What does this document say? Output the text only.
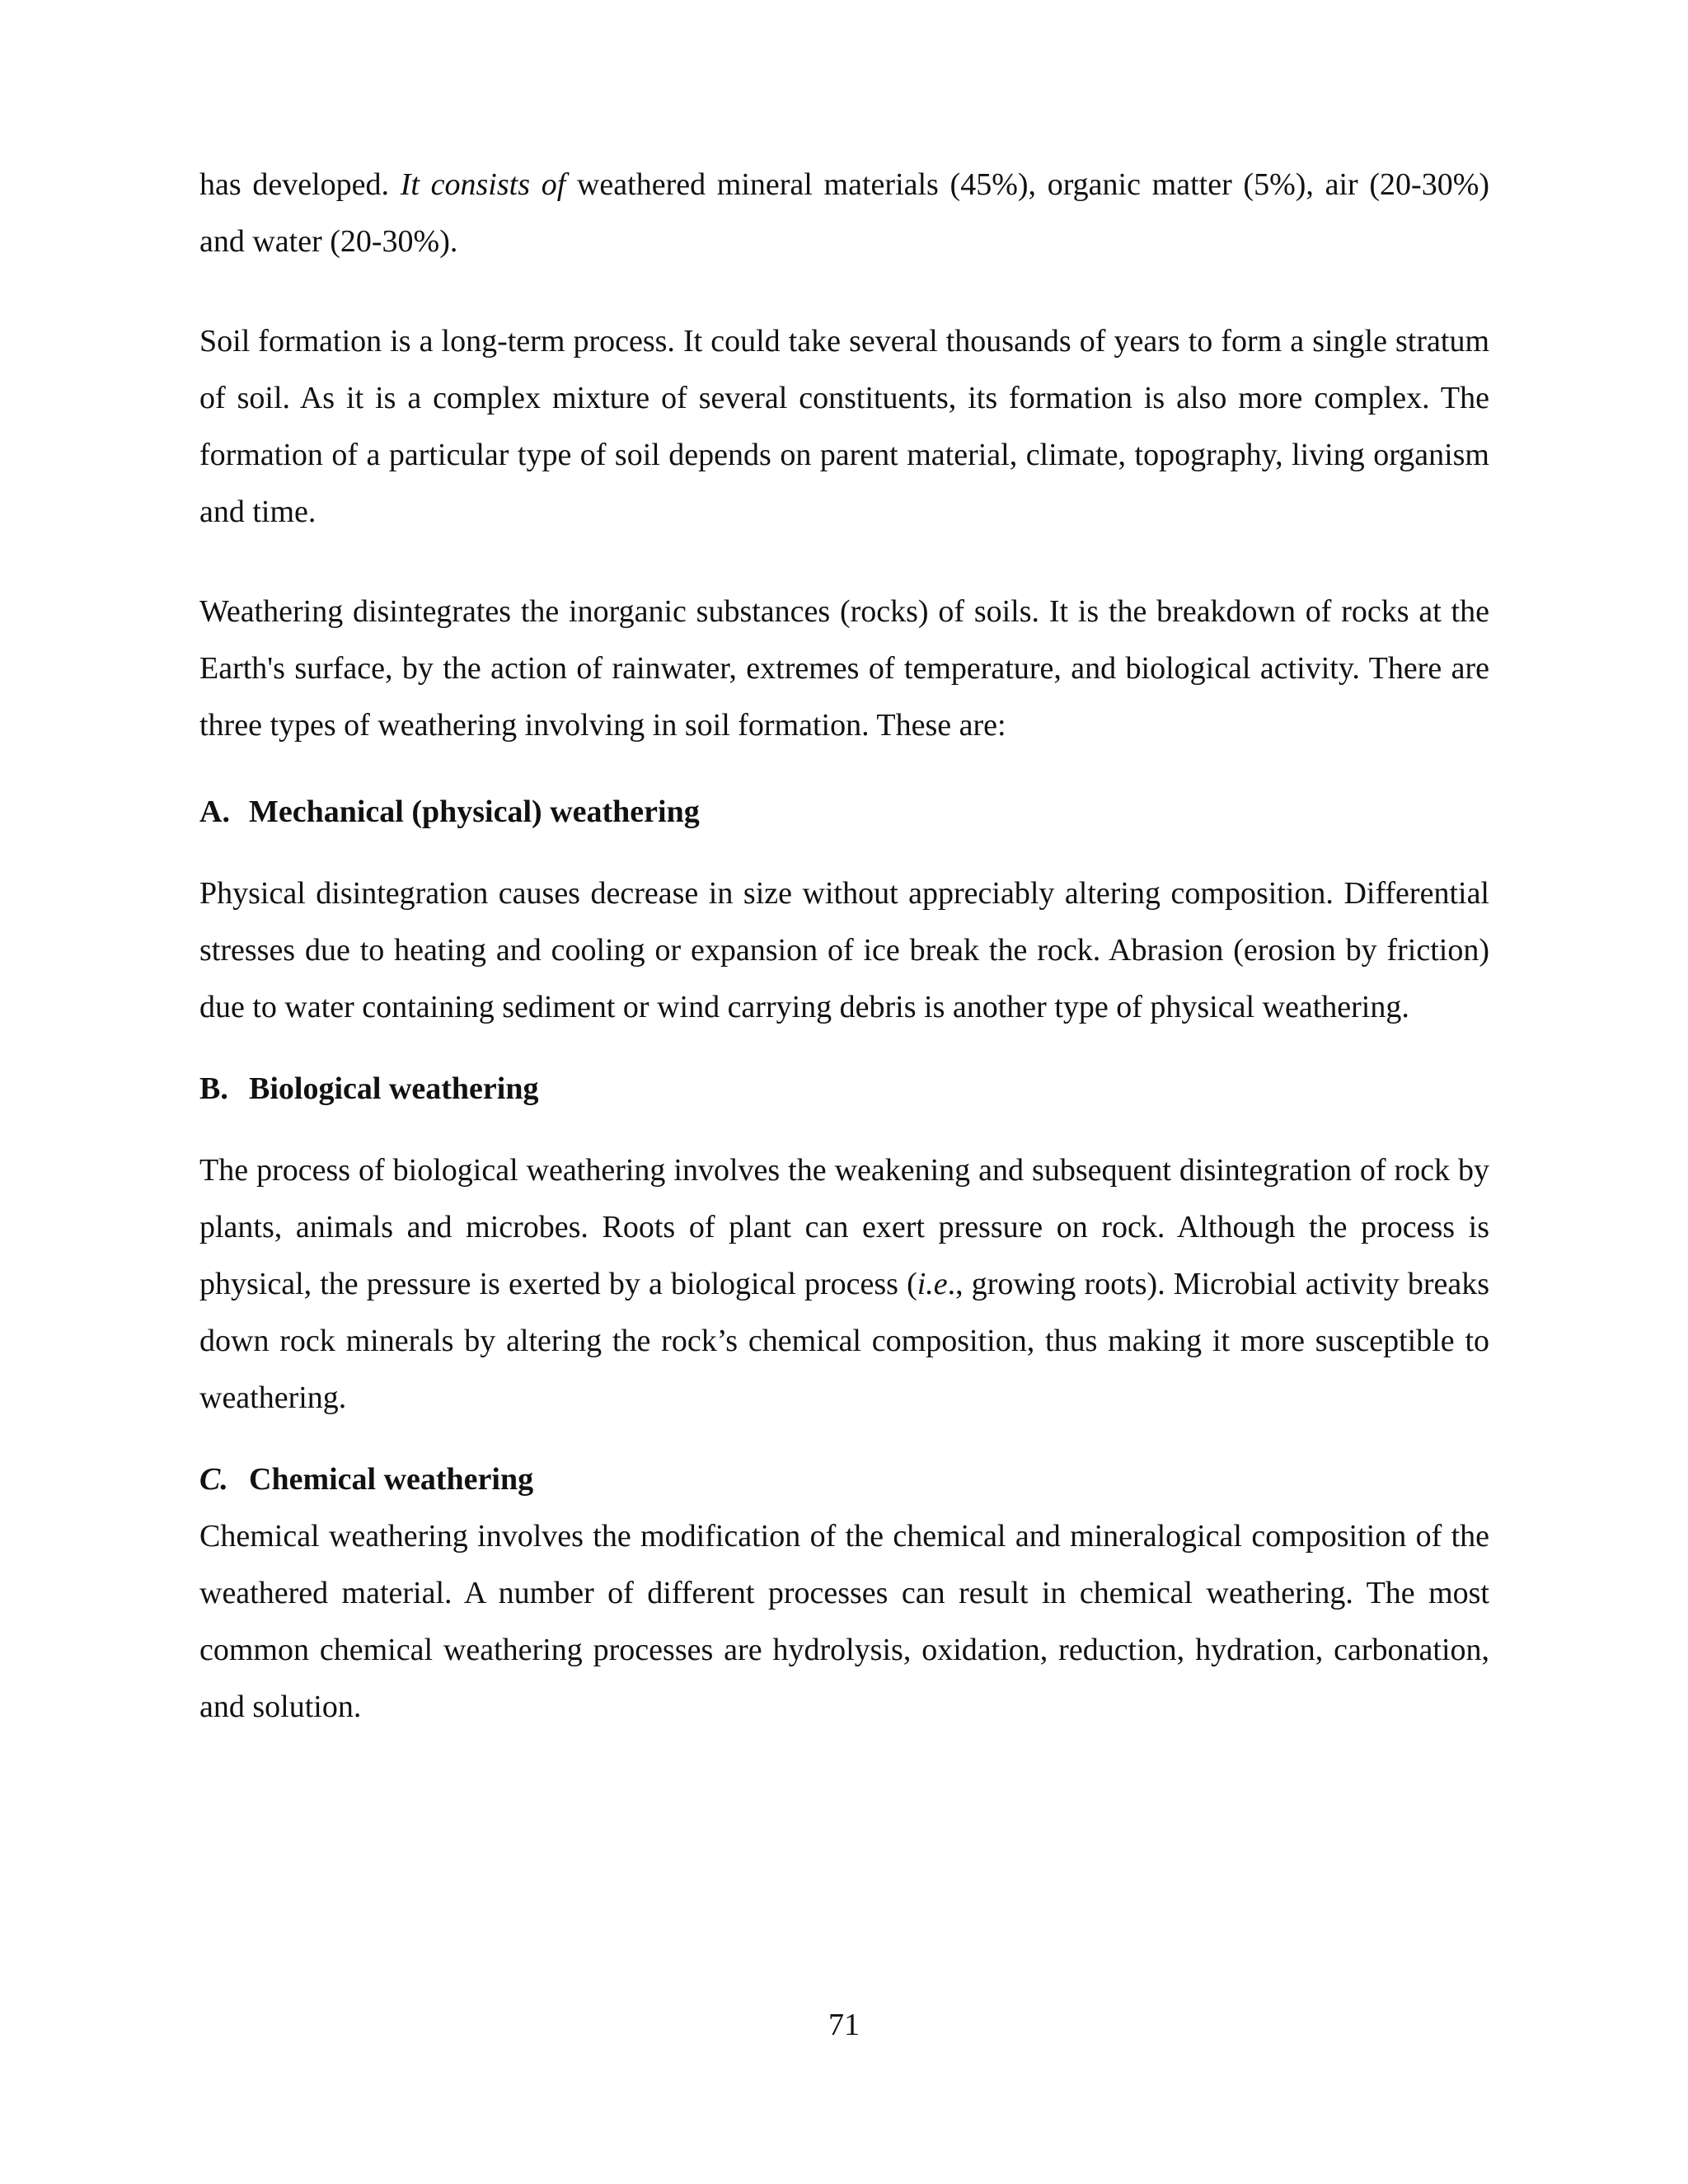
has developed. It consists of weathered mineral materials (45%), organic matter (5%), air (20-30%) and water (20-30%).

Soil formation is a long-term process. It could take several thousands of years to form a single stratum of soil. As it is a complex mixture of several constituents, its formation is also more complex. The formation of a particular type of soil depends on parent material, climate, topography, living organism and time.

Weathering disintegrates the inorganic substances (rocks) of soils. It is the breakdown of rocks at the Earth's surface, by the action of rainwater, extremes of temperature, and biological activity. There are three types of weathering involving in soil formation. These are:

A. Mechanical (physical) weathering

Physical disintegration causes decrease in size without appreciably altering composition. Differential stresses due to heating and cooling or expansion of ice break the rock. Abrasion (erosion by friction) due to water containing sediment or wind carrying debris is another type of physical weathering.

B. Biological weathering

The process of biological weathering involves the weakening and subsequent disintegration of rock by plants, animals and microbes. Roots of plant can exert pressure on rock. Although the process is physical, the pressure is exerted by a biological process (i.e., growing roots). Microbial activity breaks down rock minerals by altering the rock’s chemical composition, thus making it more susceptible to weathering.

C. Chemical weathering

Chemical weathering involves the modification of the chemical and mineralogical composition of the weathered material. A number of different processes can result in chemical weathering. The most common chemical weathering processes are hydrolysis, oxidation, reduction, hydration, carbonation, and solution.

71
